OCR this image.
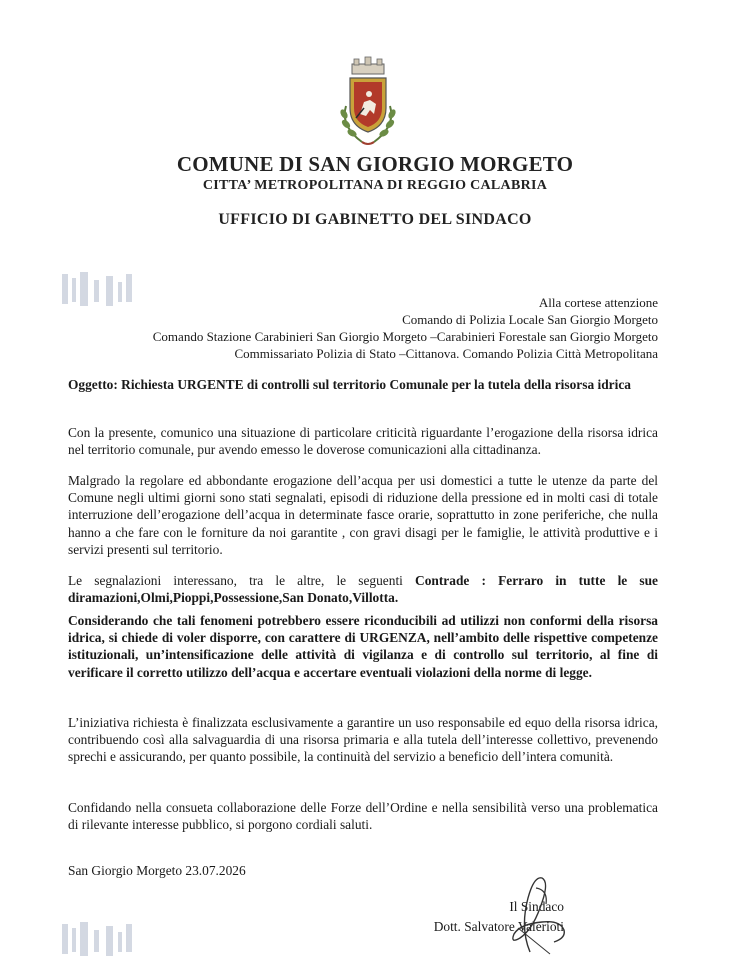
COMUNE DI SAN GIORGIO MORGETO
CITTA’ METROPOLITANA DI REGGIO CALABRIA
UFFICIO DI GABINETTO DEL SINDACO
Alla cortese attenzione
Comando di Polizia Locale San Giorgio Morgeto
Comando Stazione Carabinieri San Giorgio Morgeto –Carabinieri Forestale san Giorgio Morgeto
Commissariato Polizia di Stato –Cittanova. Comando Polizia Città Metropolitana
Oggetto: Richiesta URGENTE di controlli sul territorio Comunale per la tutela della risorsa idrica
Con la presente, comunico una situazione di particolare criticità riguardante l’erogazione della risorsa idrica nel territorio comunale, pur avendo emesso le doverose comunicazioni alla cittadinanza.
Malgrado la regolare ed abbondante erogazione dell’acqua per usi domestici a tutte le utenze da parte del Comune negli ultimi giorni sono stati segnalati, episodi di riduzione della pressione ed in molti casi di totale interruzione dell’erogazione dell’acqua in determinate fasce orarie, soprattutto in zone periferiche, che nulla hanno a che fare con le forniture da noi garantite , con gravi disagi per le famiglie, le attività produttive e i servizi presenti sul territorio.
Le segnalazioni interessano, tra le altre, le seguenti Contrade : Ferraro in tutte le sue diramazioni,Olmi,Pioppi,Possessione,San Donato,Villotta.
Considerando che tali fenomeni potrebbero essere riconducibili ad utilizzi non conformi della risorsa idrica, si chiede di voler disporre, con carattere di URGENZA, nell’ambito delle rispettive competenze istituzionali, un’intensificazione delle attività di vigilanza e di controllo sul territorio, al fine di verificare il corretto utilizzo dell’acqua e accertare eventuali violazioni della norme di legge.
L’iniziativa richiesta è finalizzata esclusivamente a garantire un uso responsabile ed equo della risorsa idrica, contribuendo così alla salvaguardia di una risorsa primaria e alla tutela dell’interesse collettivo, prevenendo sprechi e assicurando, per quanto possibile, la continuità del servizio a beneficio dell’intera comunità.
Confidando nella consueta collaborazione delle Forze dell’Ordine e nella sensibilità verso una problematica di rilevante interesse pubblico, si porgono cordiali saluti.
San Giorgio Morgeto 23.07.2026
Il Sindaco
Dott. Salvatore Valerioti
